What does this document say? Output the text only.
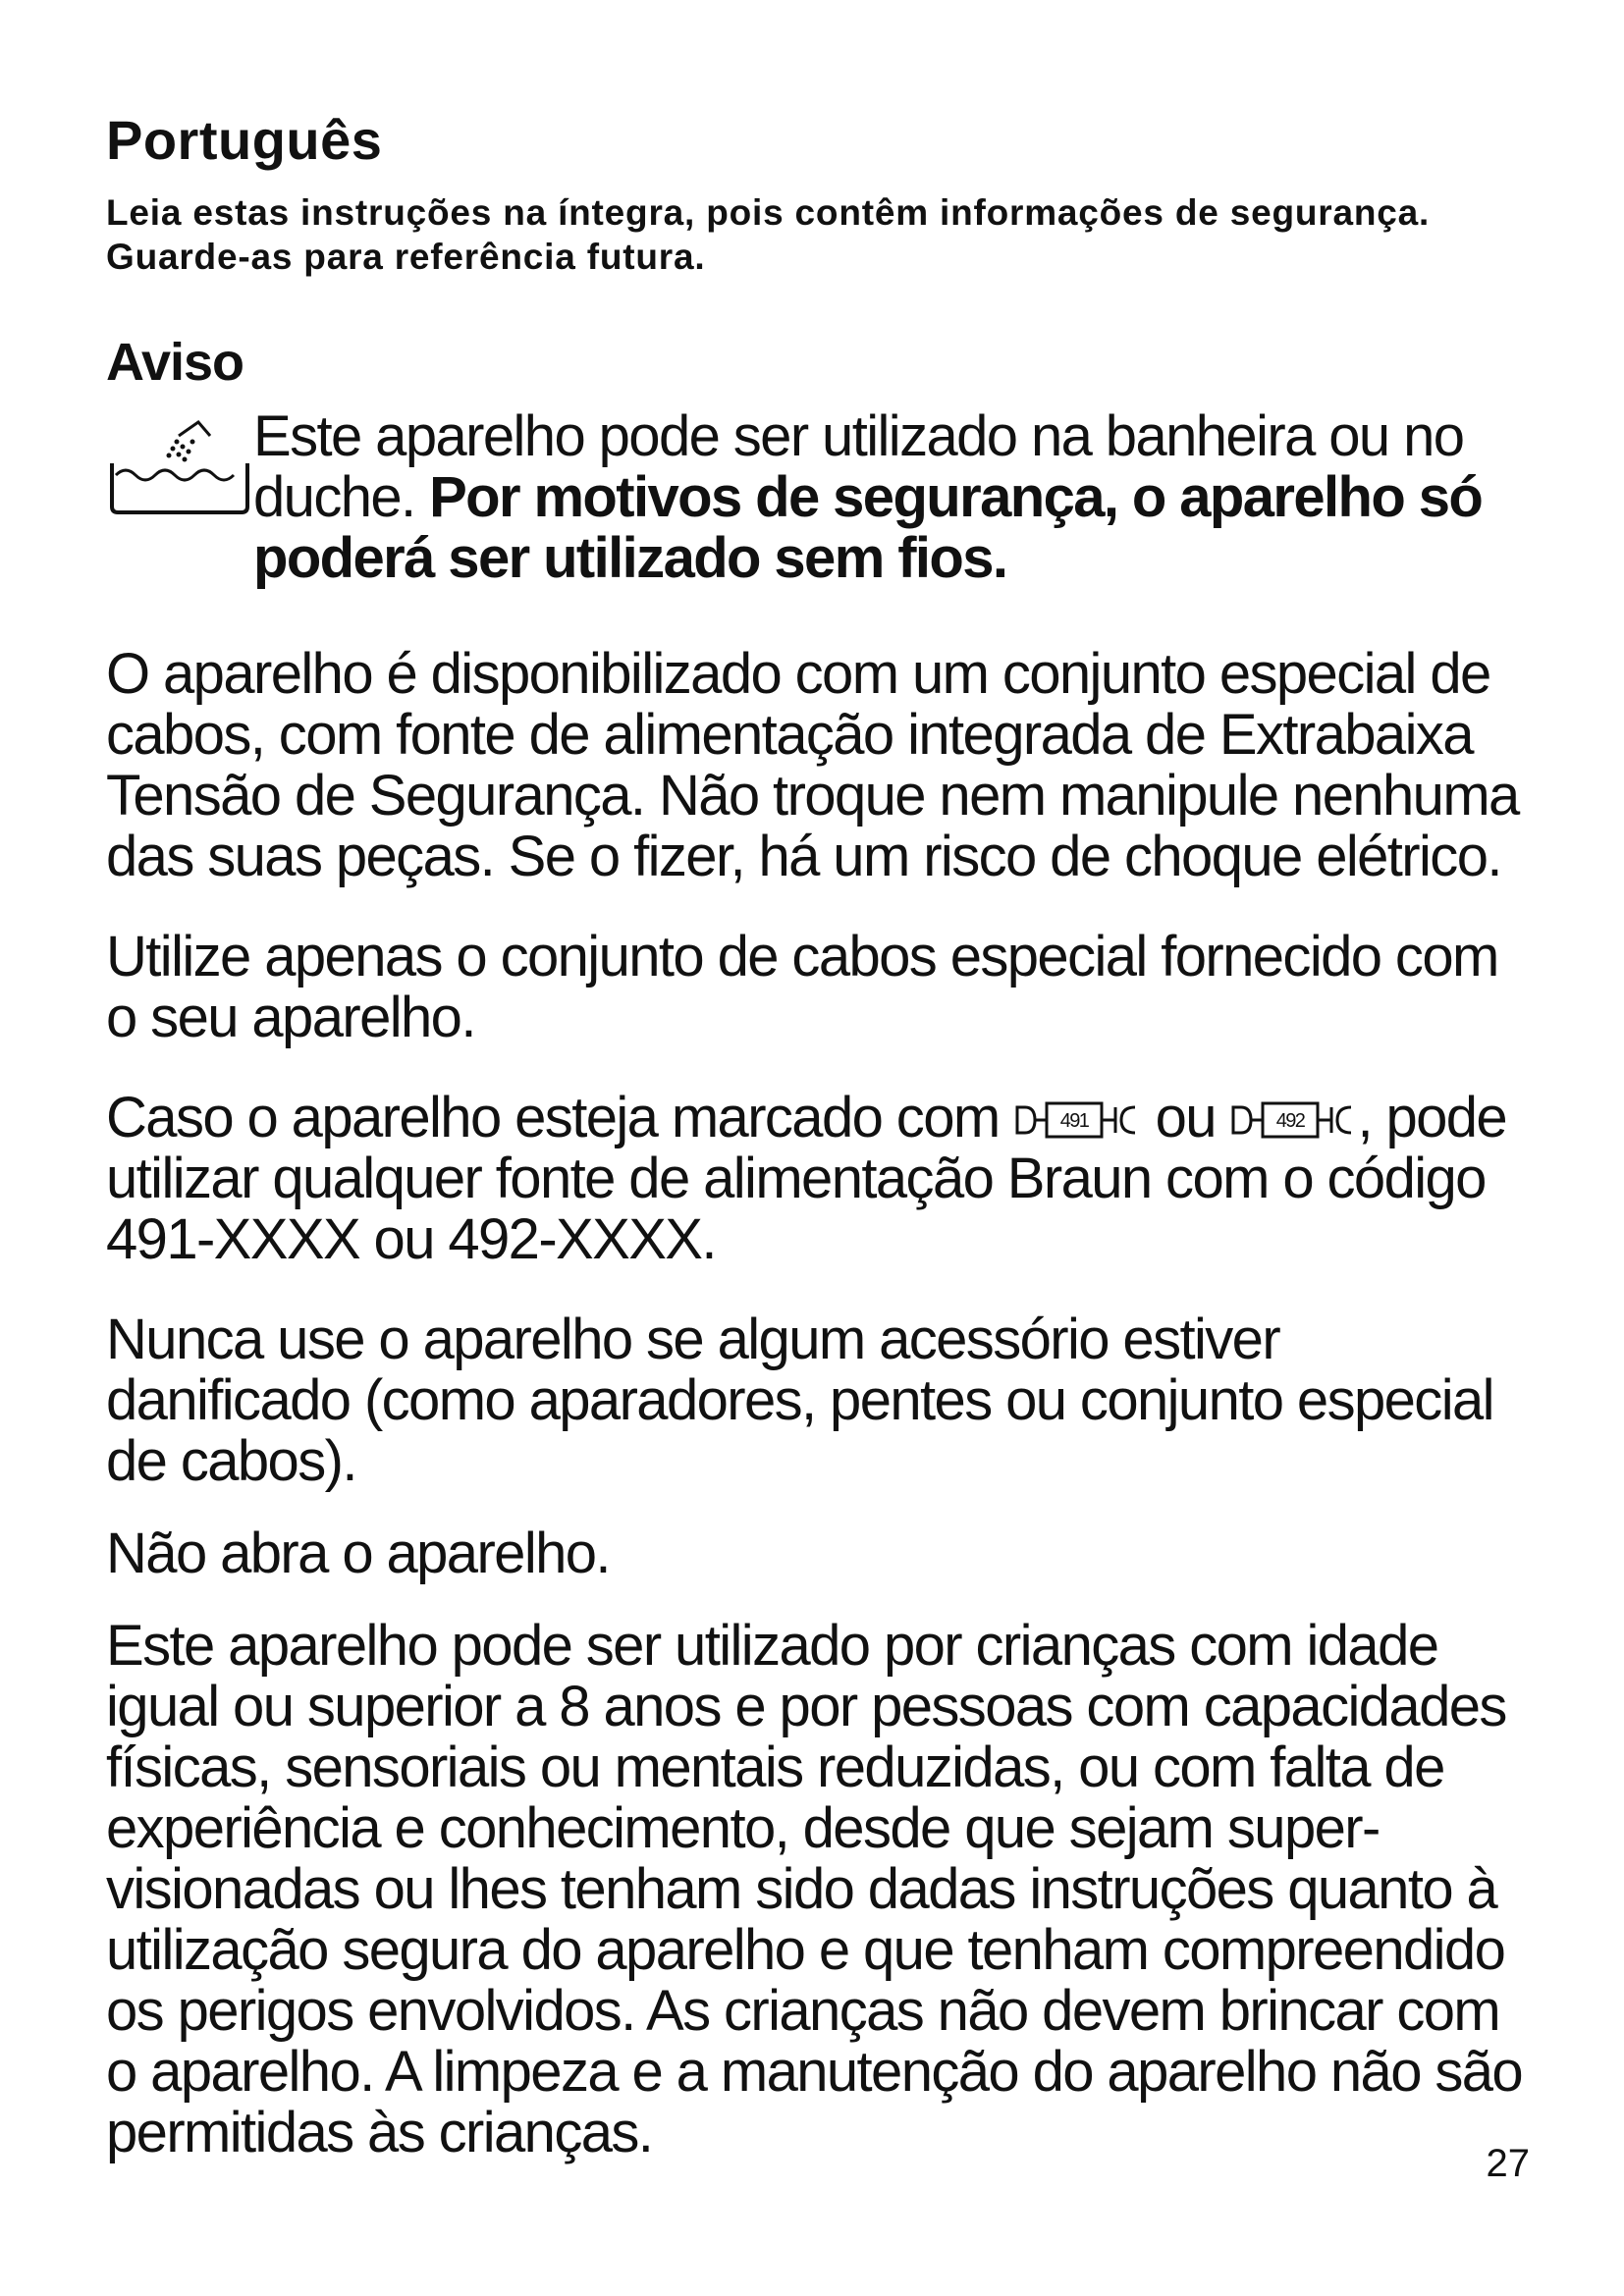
Português

Leia estas instruções na íntegra, pois contêm informações de segurança. Guarde-as para referência futura.

Aviso
Este aparelho pode ser utilizado na banheira ou no duche. Por motivos de segurança, o aparelho só poderá ser utilizado sem fios.

O aparelho é disponibilizado com um conjunto especial de cabos, com fonte de alimentação integrada de Extrabaixa Tensão de Segurança. Não troque nem manipule nenhuma das suas peças. Se o fizer, há um risco de choque elétrico.

Utilize apenas o conjunto de cabos especial fornecido com o seu aparelho.

Caso o aparelho esteja marcado com 491 ou 492 , pode utilizar qualquer fonte de alimentação Braun com o código 491-XXXX ou 492-XXXX.

Nunca use o aparelho se algum acessório estiver danificado (como aparadores, pentes ou conjunto especial de cabos).

Não abra o aparelho.

Este aparelho pode ser utilizado por crianças com idade igual ou superior a 8 anos e por pessoas com capacidades físicas, sensoriais ou mentais reduzidas, ou com falta de experiência e conhecimento, desde que sejam super-visionadas ou lhes tenham sido dadas instruções quanto à utilização segura do aparelho e que tenham compreendido os perigos envolvidos. As crianças não devem brincar com o aparelho. A limpeza e a manutenção do aparelho não são permitidas às crianças.	27
